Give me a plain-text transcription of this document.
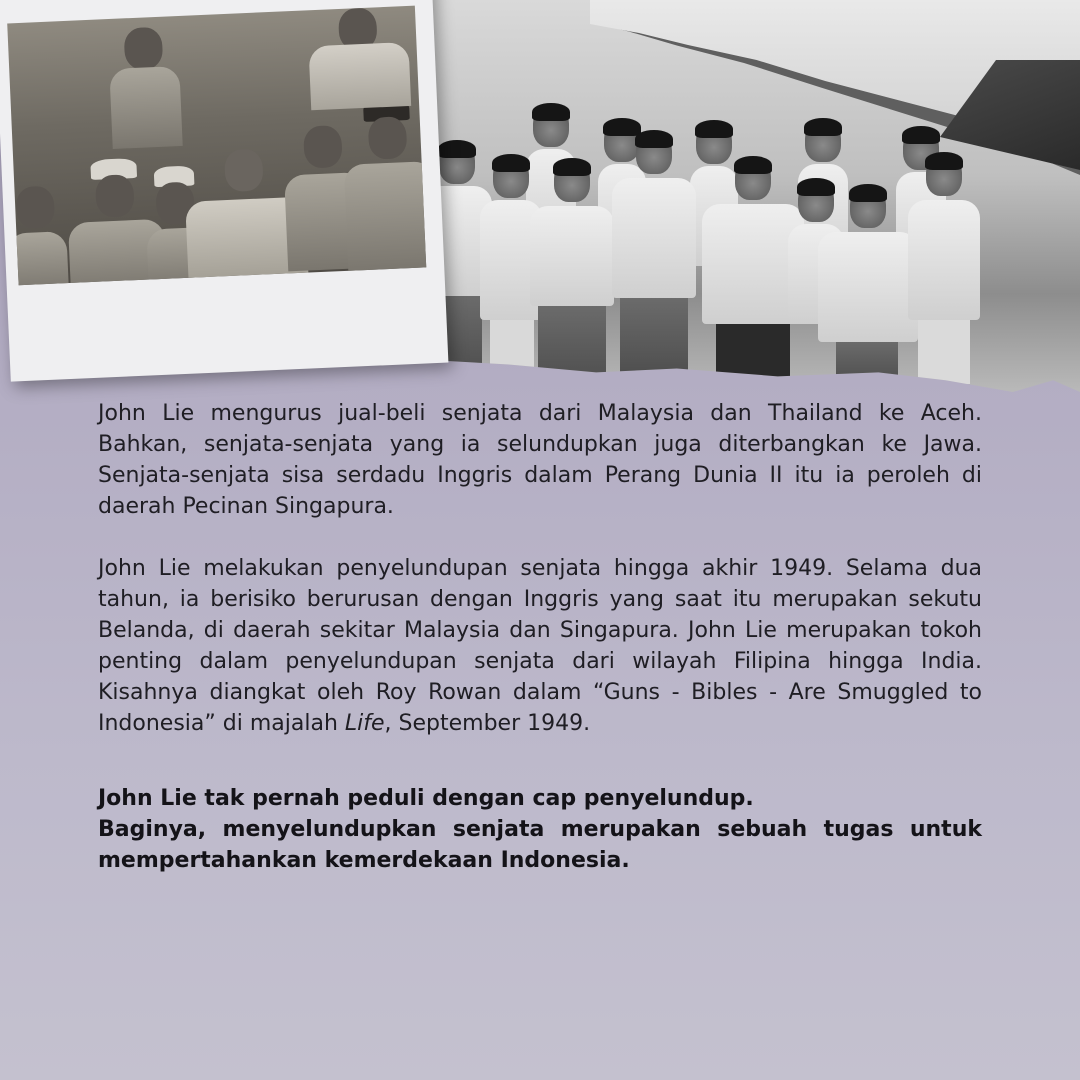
John Lie mengurus jual-beli senjata dari Malaysia dan Thailand ke Aceh. Bahkan, senjata-senjata yang ia selundupkan juga diterbangkan ke Jawa. Senjata-senjata sisa serdadu Inggris dalam Perang Dunia II itu ia peroleh di daerah Pecinan Singapura.

John Lie melakukan penyelundupan senjata hingga akhir 1949. Selama dua tahun, ia berisiko berurusan dengan Inggris yang saat itu merupakan sekutu Belanda, di daerah sekitar Malaysia dan Singapura. John Lie merupakan tokoh penting dalam penyelundupan senjata dari wilayah Filipina hingga India. Kisahnya diangkat oleh Roy Rowan dalam “Guns - Bibles - Are Smuggled to Indonesia” di majalah Life, September 1949.

John Lie tak pernah peduli dengan cap penyelundup.
Baginya, menyelundupkan senjata merupakan sebuah tugas untuk mempertahankan kemerdekaan Indonesia.
